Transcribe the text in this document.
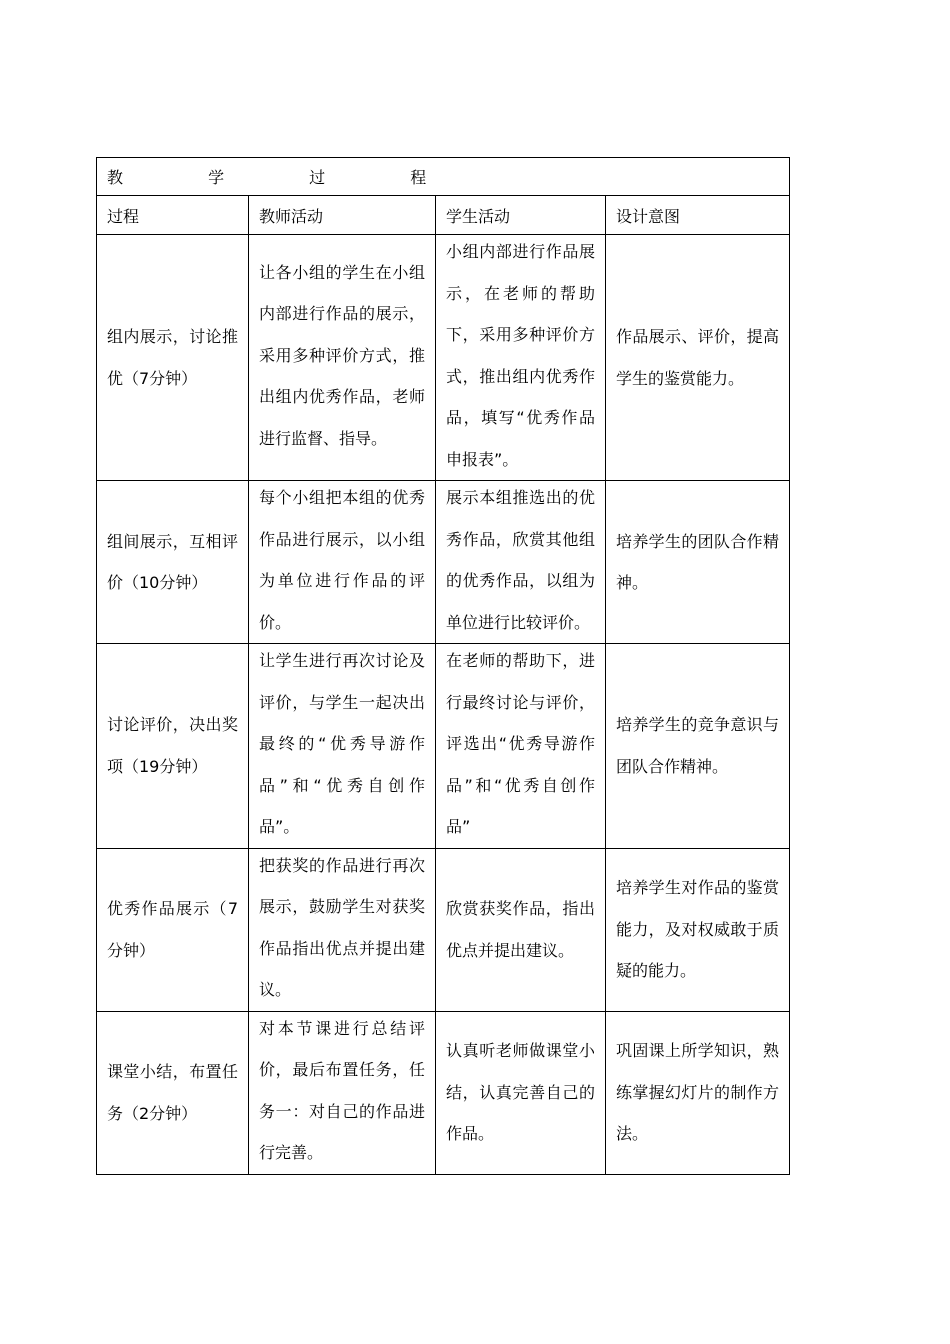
教 学 过 程			
过程	教师活动	学生活动	设计意图

组内展示，讨论推优（7分钟）	让各小组的学生在小组内部进行作品的展示，采用多种评价方式，推出组内优秀作品，老师进行监督、指导。	小组内部进行作品展示，在老师的帮助下，采用多种评价方式，推出组内优秀作品，填写“优秀作品申报表”。	作品展示、评价，提高学生的鉴赏能力。

组间展示，互相评价（10分钟）	每个小组把本组的优秀作品进行展示，以小组为单位进行作品的评价。	展示本组推选出的优秀作品，欣赏其他组的优秀作品，以组为单位进行比较评价。	培养学生的团队合作精神。

讨论评价，决出奖项（19分钟）	让学生进行再次讨论及评价，与学生一起决出最终的“优秀导游作品”和“优秀自创作品”。	在老师的帮助下，进行最终讨论与评价，评选出“优秀导游作品”和“优秀自创作品”	培养学生的竞争意识与团队合作精神。

优秀作品展示（7分钟）	把获奖的作品进行再次展示，鼓励学生对获奖作品指出优点并提出建议。	欣赏获奖作品，指出优点并提出建议。	培养学生对作品的鉴赏能力，及对权威敢于质疑的能力。

课堂小结，布置任务（2分钟）	对本节课进行总结评价，最后布置任务，任务一：对自己的作品进行完善。	认真听老师做课堂小结，认真完善自己的作品。	巩固课上所学知识，熟练掌握幻灯片的制作方法。
